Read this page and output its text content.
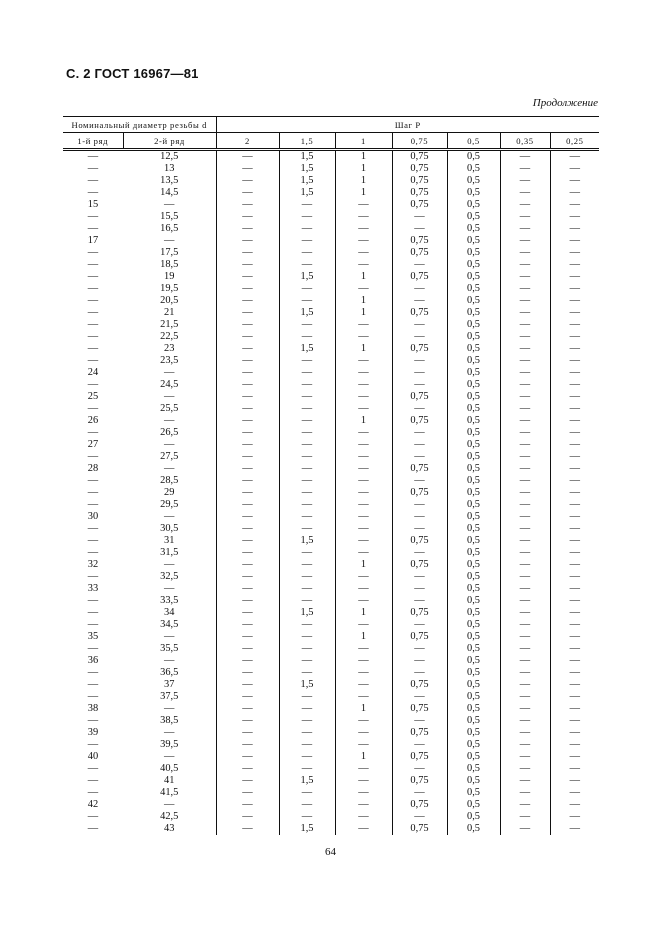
С. 2 ГОСТ 16967—81
Продолжение
Номинальный диаметр резьбы d		Шаг P						
1-й ряд	2-й ряд	2	1,5	1	0,75	0,5	0,35	0,25
—	12,5	—	1,5	1	0,75	0,5	—	—
—	13	—	1,5	1	0,75	0,5	—	—
—	13,5	—	1,5	1	0,75	0,5	—	—
—	14,5	—	1,5	1	0,75	0,5	—	—
15	—	—	—	—	0,75	0,5	—	—
—	15,5	—	—	—	—	0,5	—	—
—	16,5	—	—	—	—	0,5	—	—
17	—	—	—	—	0,75	0,5	—	—
—	17,5	—	—	—	0,75	0,5	—	—
—	18,5	—	—	—	—	0,5	—	—
—	19	—	1,5	1	0,75	0,5	—	—
—	19,5	—	—	—	—	0,5	—	—
—	20,5	—	—	1	—	0,5	—	—
—	21	—	1,5	1	0,75	0,5	—	—
—	21,5	—	—	—	—	0,5	—	—
—	22,5	—	—	—	—	0,5	—	—
—	23	—	1,5	1	0,75	0,5	—	—
—	23,5	—	—	—	—	0,5	—	—
24	—	—	—	—	—	0,5	—	—
—	24,5	—	—	—	—	0,5	—	—
25	—	—	—	—	0,75	0,5	—	—
—	25,5	—	—	—	—	0,5	—	—
26	—	—	—	1	0,75	0,5	—	—
—	26,5	—	—	—	—	0,5	—	—
27	—	—	—	—	—	0,5	—	—
—	27,5	—	—	—	—	0,5	—	—
28	—	—	—	—	0,75	0,5	—	—
—	28,5	—	—	—	—	0,5	—	—
—	29	—	—	—	0,75	0,5	—	—
—	29,5	—	—	—	—	0,5	—	—
30	—	—	—	—	—	0,5	—	—
—	30,5	—	—	—	—	0,5	—	—
—	31	—	1,5	—	0,75	0,5	—	—
—	31,5	—	—	—	—	0,5	—	—
32	—	—	—	1	0,75	0,5	—	—
—	32,5	—	—	—	—	0,5	—	—
33	—	—	—	—	—	0,5	—	—
—	33,5	—	—	—	—	0,5	—	—
—	34	—	1,5	1	0,75	0,5	—	—
—	34,5	—	—	—	—	0,5	—	—
35	—	—	—	1	0,75	0,5	—	—
—	35,5	—	—	—	—	0,5	—	—
36	—	—	—	—	—	0,5	—	—
—	36,5	—	—	—	—	0,5	—	—
—	37	—	1,5	—	0,75	0,5	—	—
—	37,5	—	—	—	—	0,5	—	—
38	—	—	—	1	0,75	0,5	—	—
—	38,5	—	—	—	—	0,5	—	—
39	—	—	—	—	0,75	0,5	—	—
—	39,5	—	—	—	—	0,5	—	—
40	—	—	—	1	0,75	0,5	—	—
—	40,5	—	—	—	—	0,5	—	—
—	41	—	1,5	—	0,75	0,5	—	—
—	41,5	—	—	—	—	0,5	—	—
42	—	—	—	—	0,75	0,5	—	—
—	42,5	—	—	—	—	0,5	—	—
—	43	—	1,5	—	0,75	0,5	—	—
64
